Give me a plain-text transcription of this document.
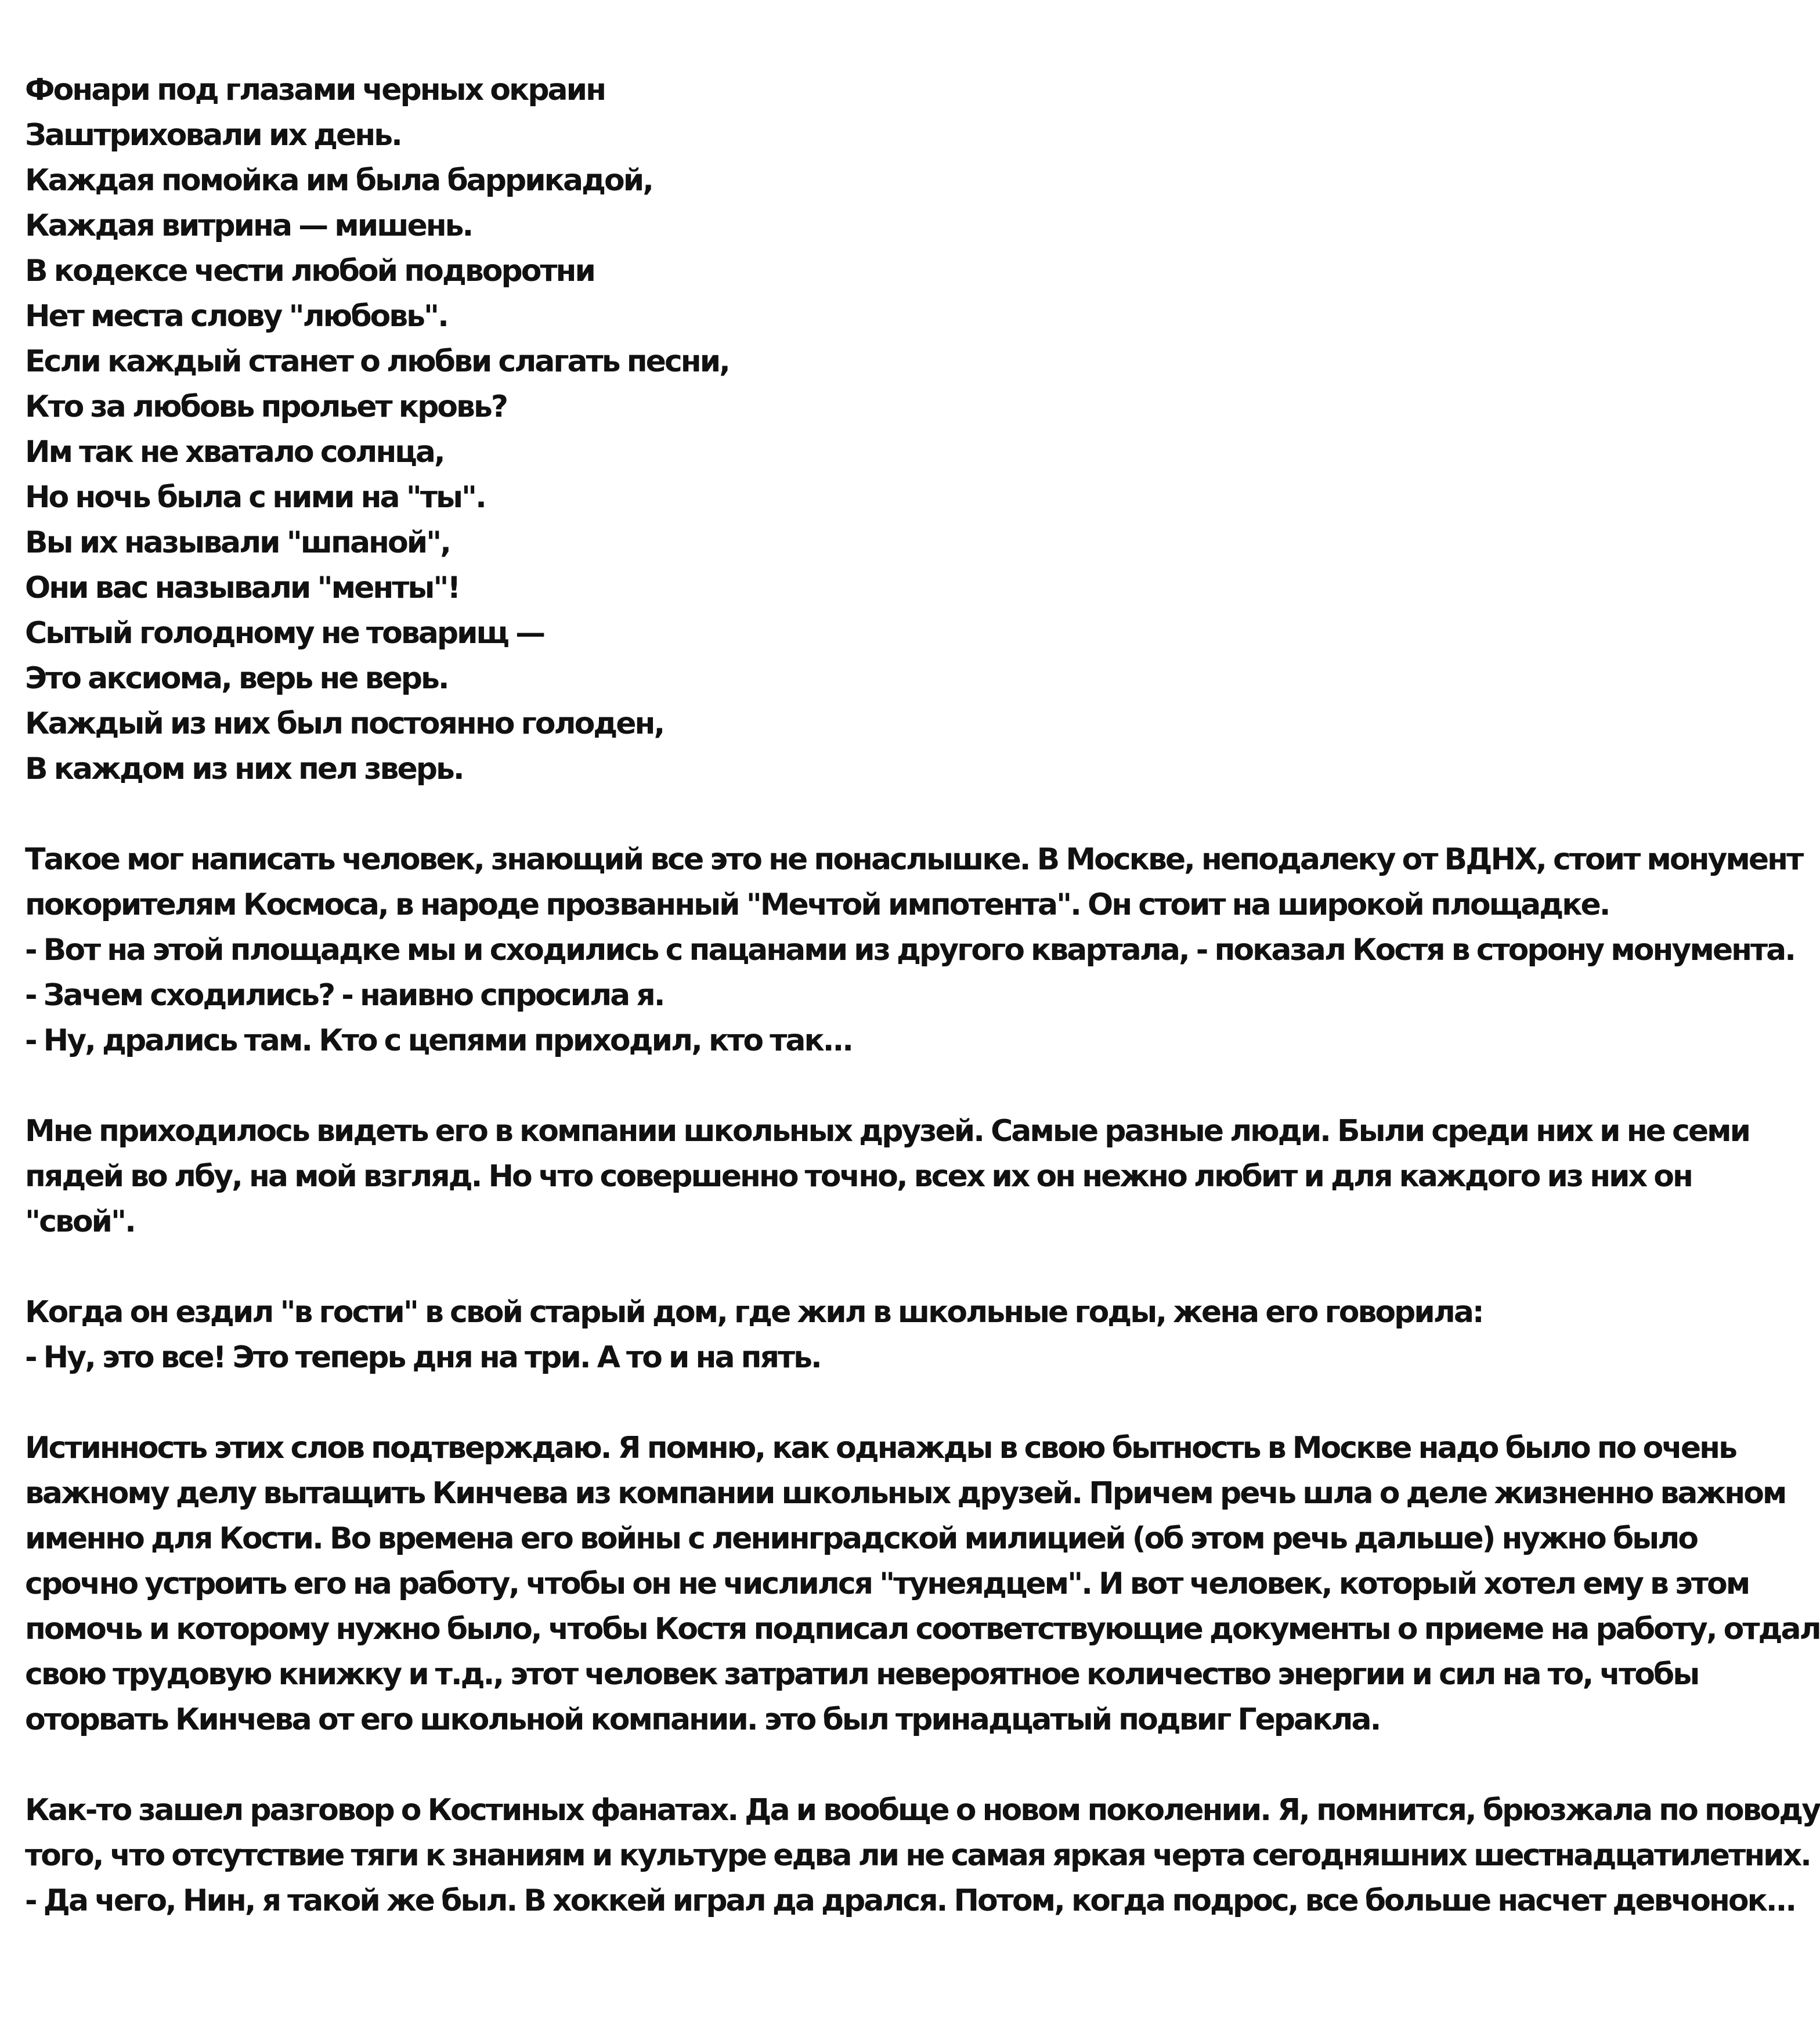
Фонари под глазами черных окраин
Заштриховали их день.
Каждая помойка им была баррикадой,
Каждая витрина — мишень.
В кодексе чести любой подворотни
Нет места слову "любовь".
Если каждый станет о любви слагать песни,
Кто за любовь прольет кровь?
Им так не хватало солнца,
Но ночь была с ними на "ты".
Вы их называли "шпаной",
Они вас называли "менты"!
Сытый голодному не товарищ —
Это аксиома, верь не верь.
Каждый из них был постоянно голоден,
В каждом из них пел зверь.
Такое мог написать человек, знающий все это не понаслышке. В Москве, неподалеку от ВДНХ, стоит монумент
покорителям Космоса, в народе прозванный "Мечтой импотента". Он стоит на широкой площадке.
- Вот на этой площадке мы и сходились с пацанами из другого квартала, - показал Костя в сторону монумента.
- Зачем сходились? - наивно спросила я.
- Ну, дрались там. Кто с цепями приходил, кто так...
Мне приходилось видеть его в компании школьных друзей. Самые разные люди. Были среди них и не семи
пядей во лбу, на мой взгляд. Но что совершенно точно, всех их он нежно любит и для каждого из них он
"свой".
Когда он ездил "в гости" в свой старый дом, где жил в школьные годы, жена его говорила:
- Ну, это все! Это теперь дня на три. А то и на пять.
Истинность этих слов подтверждаю. Я помню, как однажды в свою бытность в Москве надо было по очень
важному делу вытащить Кинчева из компании школьных друзей. Причем речь шла о деле жизненно важном
именно для Кости. Во времена его войны с ленинградской милицией (об этом речь дальше) нужно было
срочно устроить его на работу, чтобы он не числился "тунеядцем". И вот человек, который хотел ему в этом
помочь и которому нужно было, чтобы Костя подписал соответствующие документы о приеме на работу, отдал
свою трудовую книжку и т.д., этот человек затратил невероятное количество энергии и сил на то, чтобы
оторвать Кинчева от его школьной компании. это был тринадцатый подвиг Геракла.
Как-то зашел разговор о Костиных фанатах. Да и вообще о новом поколении. Я, помнится, брюзжала по поводу
того, что отсутствие тяги к знаниям и культуре едва ли не самая яркая черта сегодняшних шестнадцатилетних.
- Да чего, Нин, я такой же был. В хоккей играл да дрался. Потом, когда подрос, все больше насчет девчонок...
